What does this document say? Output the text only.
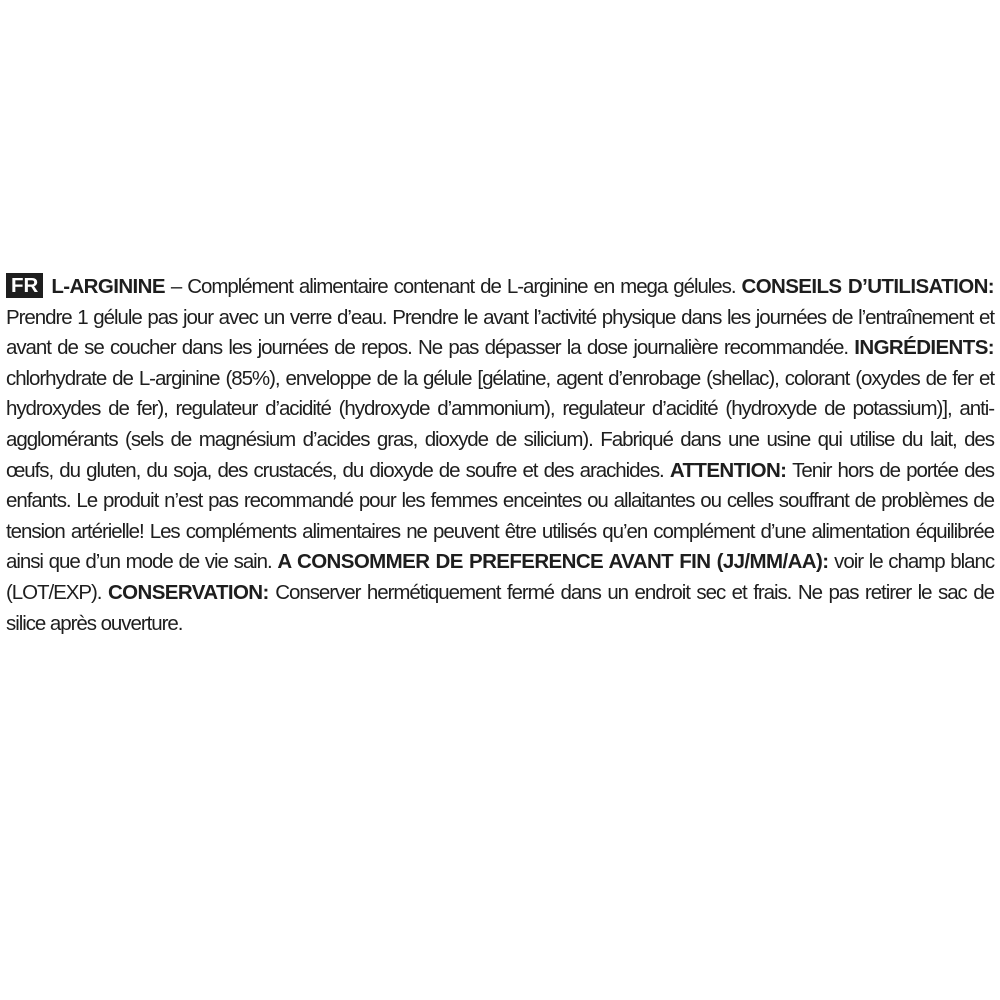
FR L-ARGININE – Complément alimentaire contenant de L-arginine en mega gélules. CONSEILS D’UTILISATION: Prendre 1 gélule pas jour avec un verre d’eau. Prendre le avant l’activité physique dans les journées de l’entraînement et avant de se coucher dans les journées de repos. Ne pas dépasser la dose journalière recommandée. INGRÉDIENTS: chlorhydrate de L-arginine (85%), enveloppe de la gélule [gélatine, agent d’enrobage (shellac), colorant (oxydes de fer et hydroxydes de fer), regulateur d’acidité (hydroxyde d’ammonium), regulateur d’acidité (hydroxyde de potassium)], anti-agglomérants (sels de magnésium d’acides gras, dioxyde de silicium). Fabriqué dans une usine qui utilise du lait, des œufs, du gluten, du soja, des crustacés, du dioxyde de soufre et des arachides. ATTENTION: Tenir hors de portée des enfants. Le produit n’est pas recommandé pour les femmes enceintes ou allaitantes ou celles souffrant de problèmes de tension artérielle! Les compléments alimentaires ne peuvent être utilisés qu’en complément d’une alimentation équilibrée ainsi que d’un mode de vie sain. A CONSOMMER DE PREFERENCE AVANT FIN (JJ/MM/AA): voir le champ blanc (LOT/EXP). CONSERVATION: Conserver hermétiquement fermé dans un endroit sec et frais. Ne pas retirer le sac de silice après ouverture.
